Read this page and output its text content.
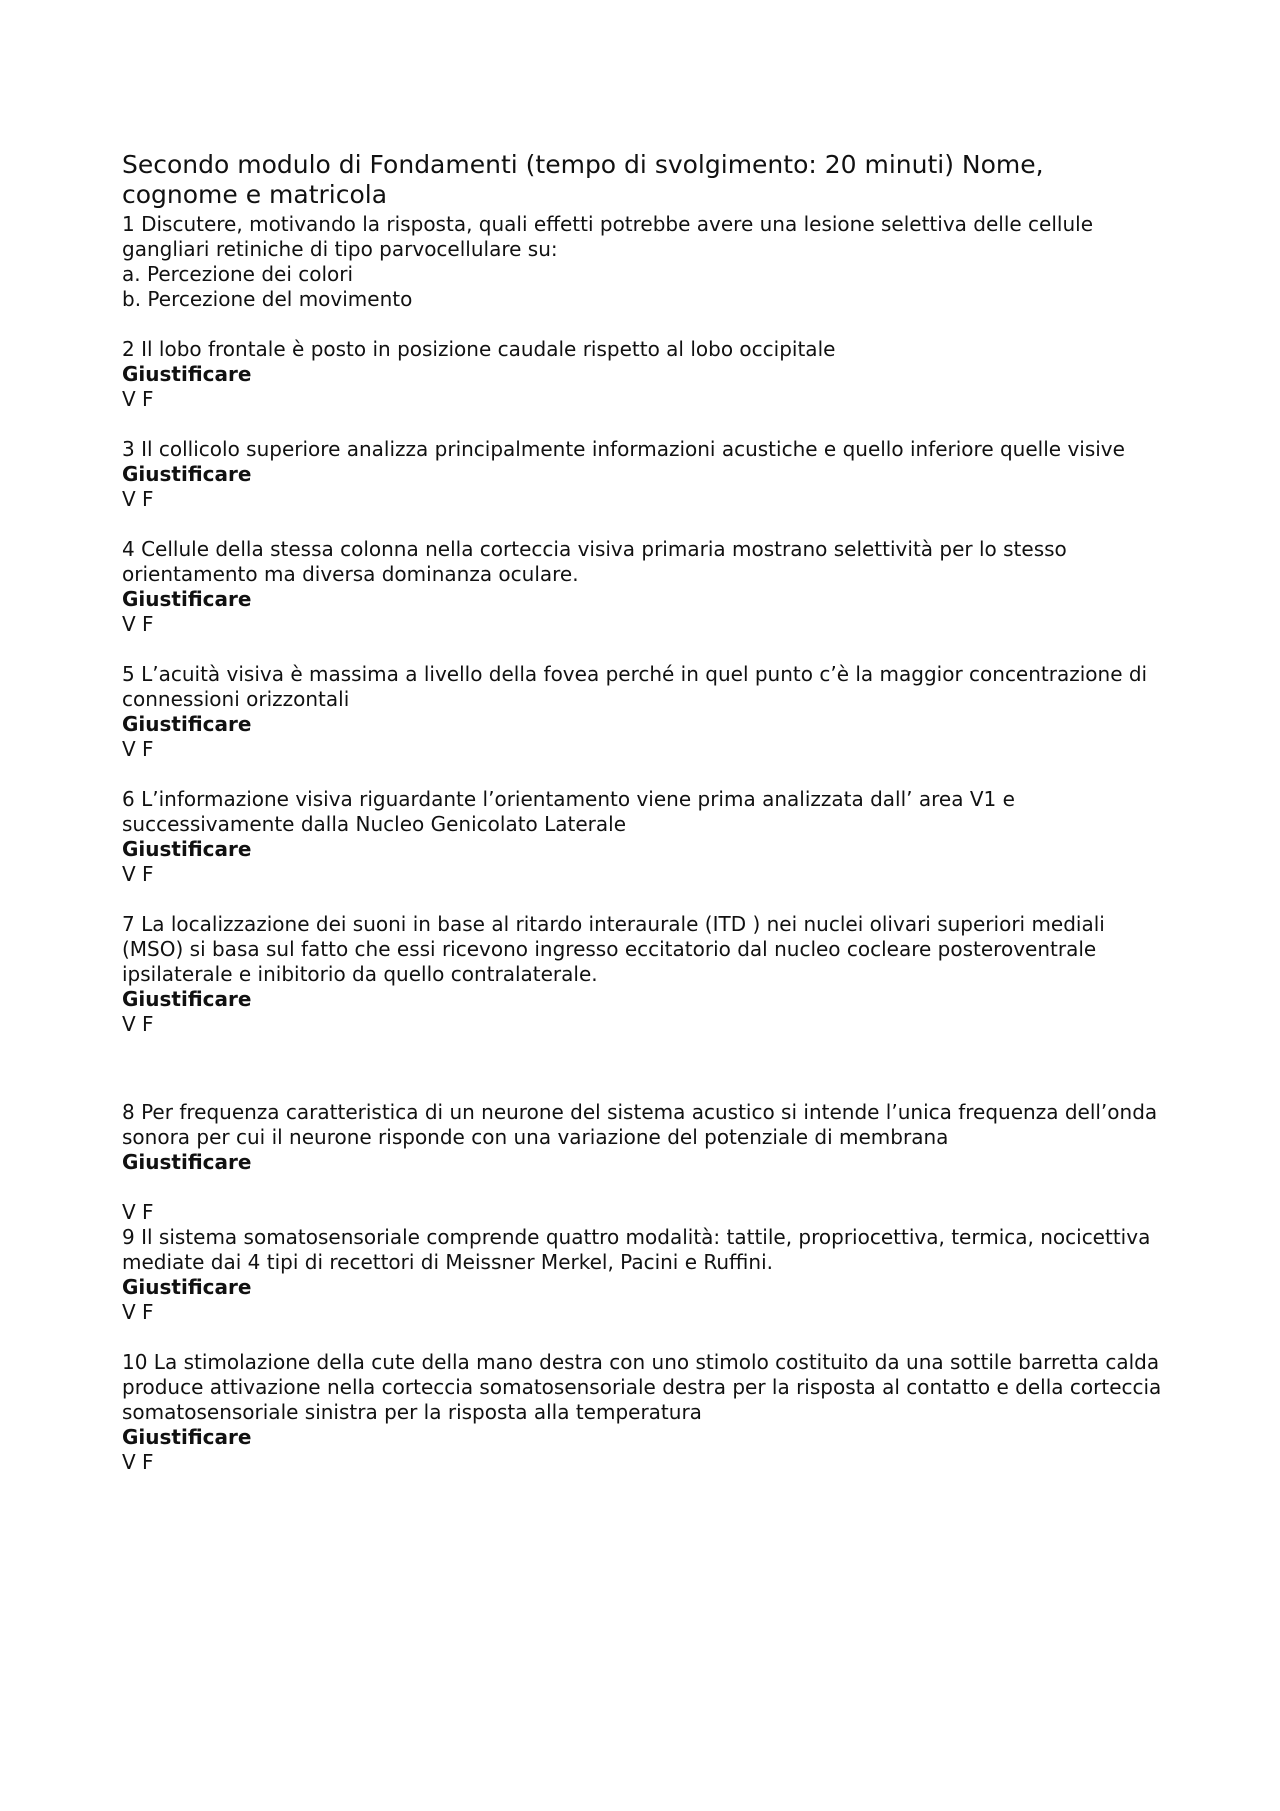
Secondo modulo di Fondamenti (tempo di svolgimento: 20 minuti) Nome, cognome e matricola
1 Discutere, motivando la risposta, quali effetti potrebbe avere una lesione selettiva delle cellule gangliari retiniche di tipo parvocellulare su:
a. Percezione dei colori
b. Percezione del movimento
2 Il lobo frontale è posto in posizione caudale rispetto al lobo occipitale
Giustificare
V F
3 Il collicolo superiore analizza principalmente informazioni acustiche e quello inferiore quelle visive
Giustificare
V F
4 Cellule della stessa colonna nella corteccia visiva primaria mostrano selettività per lo stesso orientamento ma diversa dominanza oculare.
Giustificare
V F
5 L’acuità visiva è massima a livello della fovea perché in quel punto c’è la maggior concentrazione di connessioni orizzontali
Giustificare
V F
6 L’informazione visiva riguardante l’orientamento viene prima analizzata dall’ area V1 e successivamente dalla Nucleo Genicolato Laterale
Giustificare
V F
7 La localizzazione dei suoni in base al ritardo interaurale (ITD ) nei nuclei olivari superiori mediali (MSO) si basa sul fatto che essi ricevono ingresso eccitatorio dal nucleo cocleare posteroventrale ipsilaterale e inibitorio da quello contralaterale.
Giustificare
V F
8 Per frequenza caratteristica di un neurone del sistema acustico si intende l’unica frequenza dell’onda sonora per cui il neurone risponde con una variazione del potenziale di membrana
Giustificare
V F
9 Il sistema somatosensoriale comprende quattro modalità: tattile, propriocettiva, termica, nocicettiva mediate dai 4 tipi di recettori di Meissner Merkel, Pacini e Ruffini.
Giustificare
V F
10 La stimolazione della cute della mano destra con uno stimolo costituito da una sottile barretta calda produce attivazione nella corteccia somatosensoriale destra per la risposta al contatto e della corteccia somatosensoriale sinistra per la risposta alla temperatura
Giustificare
V F
